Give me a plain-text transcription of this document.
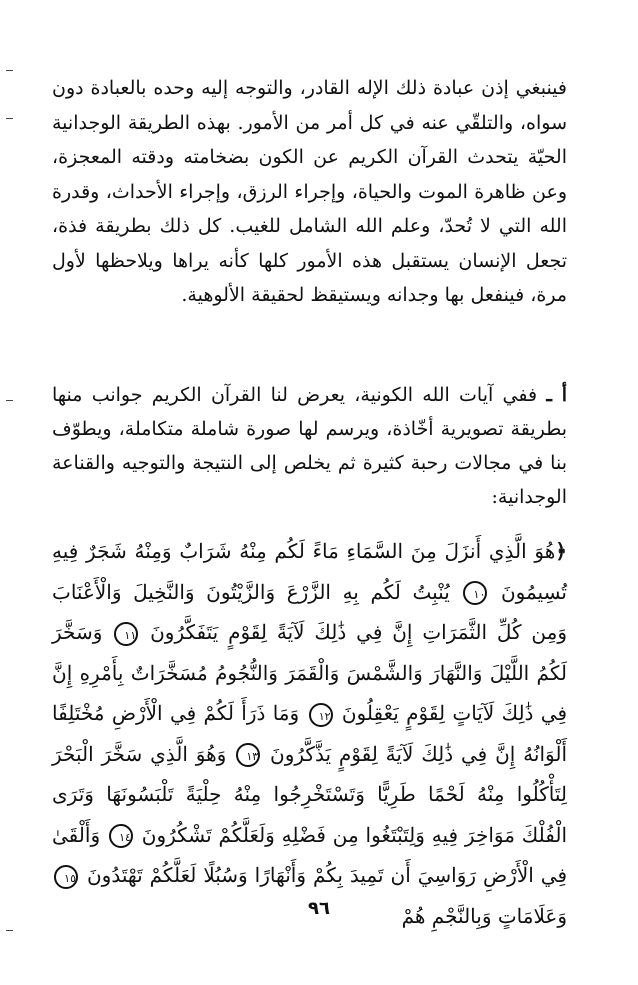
فينبغي إذن عبادة ذلك الإله القادر، والتوجه إليه وحده بالعبادة دون سواه، والتلقّي عنه في كل أمر من الأمور. بهذه الطريقة الوجدانية الحيّة يتحدث القرآن الكريم عن الكون بضخامته ودقته المعجزة، وعن ظاهرة الموت والحياة، وإجراء الرزق، وإجراء الأحداث، وقدرة الله التي لا تُحدّ، وعلم الله الشامل للغيب. كل ذلك بطريقة فذة، تجعل الإنسان يستقبل هذه الأمور كلها كأنه يراها ويلاحظها لأول مرة، فينفعل بها وجدانه ويستيقظ لحقيقة الألوهية.

أ ـ ففي آيات الله الكونية، يعرض لنا القرآن الكريم جوانب منها بطريقة تصويرية أخّاذة، ويرسم لها صورة شاملة متكاملة، ويطوّف بنا في مجالات رحبة كثيرة ثم يخلص إلى النتيجة والتوجيه والقناعة الوجدانية:

﴿هُوَ الَّذِي أَنزَلَ مِنَ السَّمَاءِ مَاءً لَكُم مِنْهُ شَرَابٌ وَمِنْهُ شَجَرٌ فِيهِ تُسِيمُونَ ١٠ يُنْبِتُ لَكُم بِهِ الزَّرْعَ وَالزَّيْتُونَ وَالنَّخِيلَ وَالْأَعْنَابَ وَمِن كُلِّ الثَّمَرَاتِ إِنَّ فِي ذَٰلِكَ لَآيَةً لِقَوْمٍ يَتَفَكَّرُونَ ١١ وَسَخَّرَ لَكُمُ اللَّيْلَ وَالنَّهَارَ وَالشَّمْسَ وَالْقَمَرَ وَالنُّجُومُ مُسَخَّرَاتٌ بِأَمْرِهِ إِنَّ فِي ذَٰلِكَ لَآيَاتٍ لِقَوْمٍ يَعْقِلُونَ ١٢ وَمَا ذَرَأَ لَكُمْ فِي الْأَرْضِ مُخْتَلِفًا أَلْوَانُهُ إِنَّ فِي ذَٰلِكَ لَآيَةً لِقَوْمٍ يَذَّكَّرُونَ ١٣ وَهُوَ الَّذِي سَخَّرَ الْبَحْرَ لِتَأْكُلُوا مِنْهُ لَحْمًا طَرِيًّا وَتَسْتَخْرِجُوا مِنْهُ حِلْيَةً تَلْبَسُونَهَا وَتَرَى الْفُلْكَ مَوَاخِرَ فِيهِ وَلِتَبْتَغُوا مِن فَضْلِهِ وَلَعَلَّكُمْ تَشْكُرُونَ ١٤ وَأَلْقَىٰ فِي الْأَرْضِ رَوَاسِيَ أَن تَمِيدَ بِكُمْ وَأَنْهَارًا وَسُبُلًا لَعَلَّكُمْ تَهْتَدُونَ ١٥ وَعَلَامَاتٍ وَبِالنَّجْمِ هُمْ
٩٦
